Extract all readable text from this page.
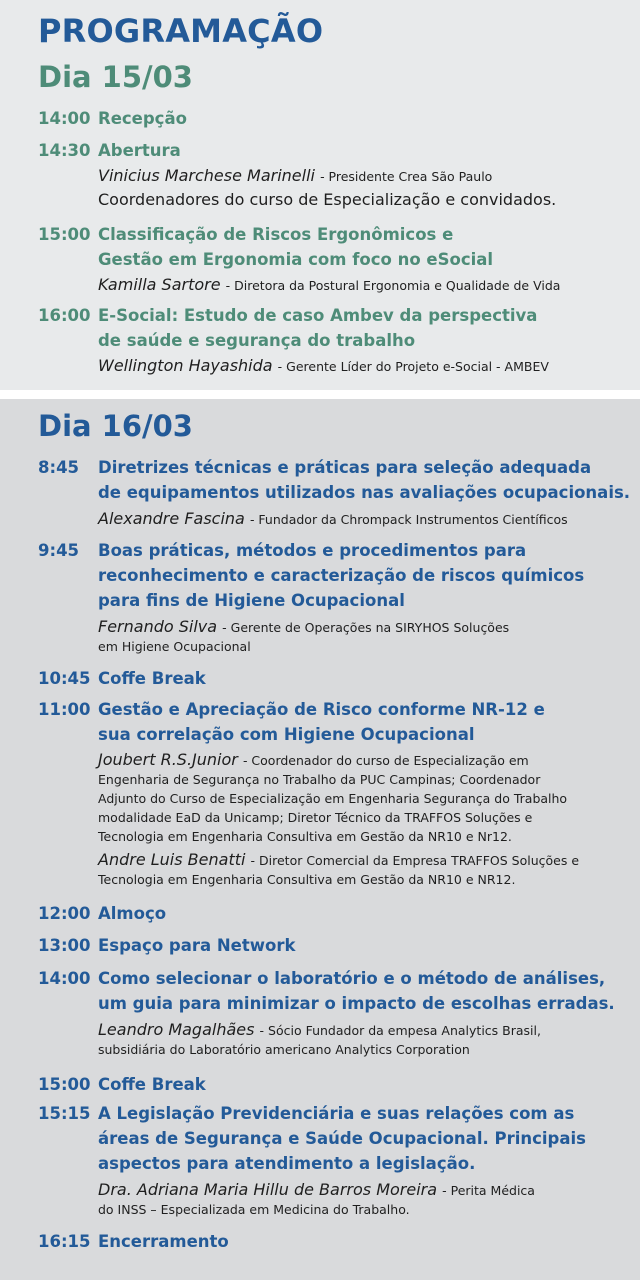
PROGRAMAÇÃO
Dia 15/03
14:00 Recepção
14:30 Abertura
Vinicius Marchese Marinelli - Presidente Crea São Paulo
Coordenadores do curso de Especialização e convidados.
15:00 Classificação de Riscos Ergonômicos e
Gestão em Ergonomia com foco no eSocial
Kamilla Sartore - Diretora da Postural Ergonomia e Qualidade de Vida
16:00 E-Social: Estudo de caso Ambev da perspectiva
de saúde e segurança do trabalho
Wellington Hayashida - Gerente Líder do Projeto e-Social - AMBEV
Dia 16/03
8:45 Diretrizes técnicas e práticas para seleção adequada
de equipamentos utilizados nas avaliações ocupacionais.
Alexandre Fascina - Fundador da Chrompack Instrumentos Científicos
9:45 Boas práticas, métodos e procedimentos para
reconhecimento e caracterização de riscos químicos
para fins de Higiene Ocupacional
Fernando Silva - Gerente de Operações na SIRYHOS Soluções
em Higiene Ocupacional
10:45 Coffe Break
11:00 Gestão e Apreciação de Risco conforme NR-12 e
sua correlação com Higiene Ocupacional
Joubert R.S.Junior - Coordenador do curso de Especialização em
Engenharia de Segurança no Trabalho da PUC Campinas; Coordenador
Adjunto do Curso de Especialização em Engenharia Segurança do Trabalho
modalidade EaD da Unicamp; Diretor Técnico da TRAFFOS Soluções e
Tecnologia em Engenharia Consultiva em Gestão da NR10 e Nr12.
Andre Luis Benatti - Diretor Comercial da Empresa TRAFFOS Soluções e
Tecnologia em Engenharia Consultiva em Gestão da NR10 e NR12.
12:00 Almoço
13:00 Espaço para Network
14:00 Como selecionar o laboratório e o método de análises,
um guia para minimizar o impacto de escolhas erradas.
Leandro Magalhães - Sócio Fundador da empesa Analytics Brasil,
subsidiária do Laboratório americano Analytics Corporation
15:00 Coffe Break
15:15 A Legislação Previdenciária e suas relações com as
áreas de Segurança e Saúde Ocupacional. Principais
aspectos para atendimento a legislação.
Dra. Adriana Maria Hillu de Barros Moreira - Perita Médica
do INSS – Especializada em Medicina do Trabalho.
16:15 Encerramento
